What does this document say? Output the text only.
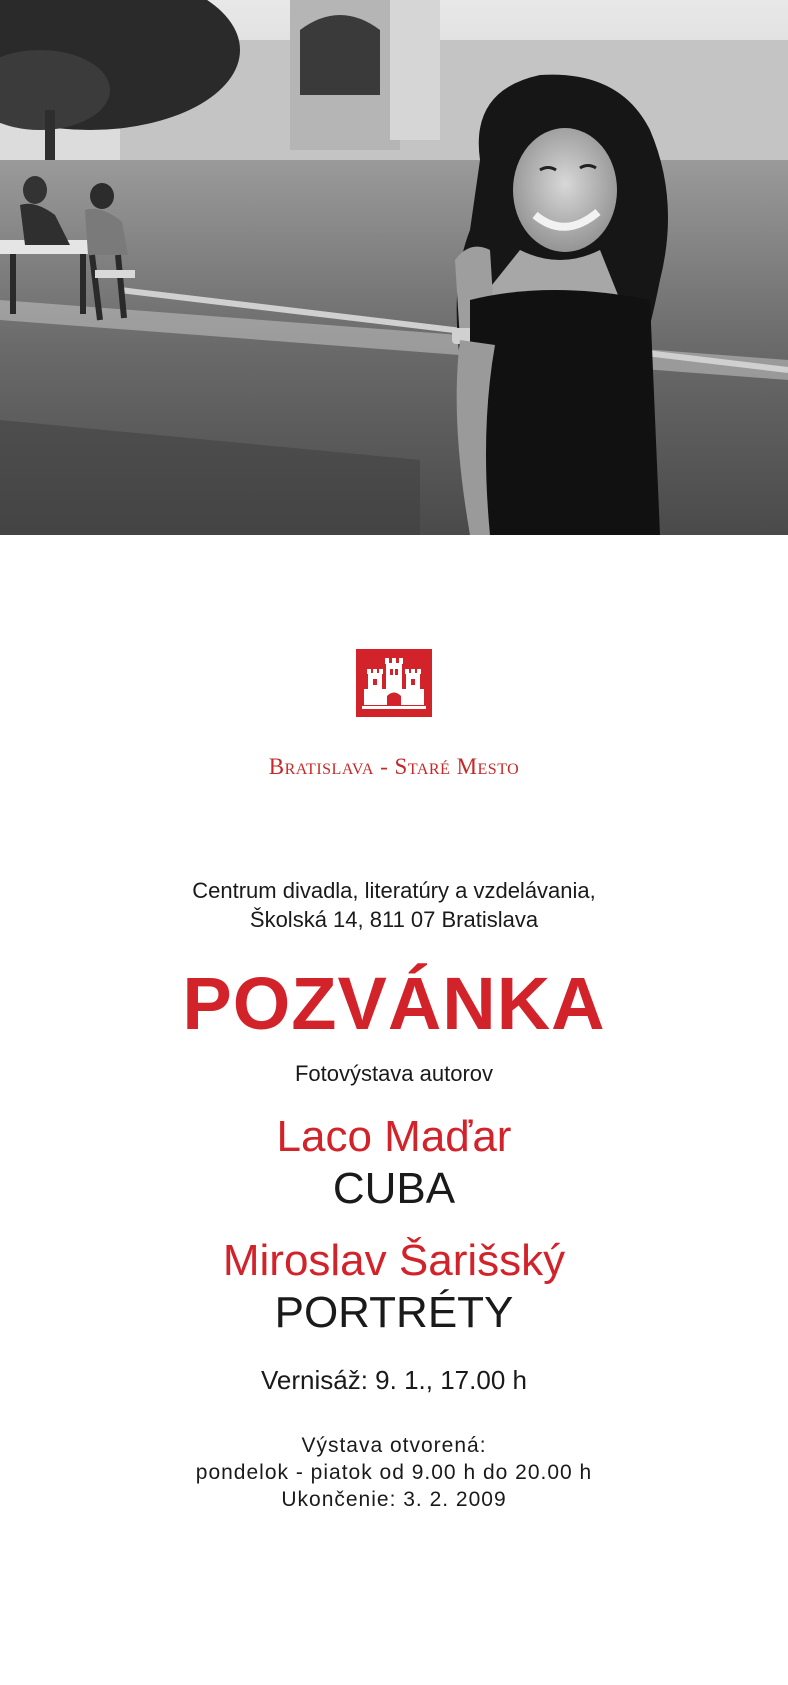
Bratislava - Staré Mesto

Centrum divadla, literatúry a vzdelávania,

Školská 14, 811 07 Bratislava

POZVÁNKA

Fotovýstava autorov

Laco Maďar

CUBA

Miroslav Šarišský

PORTRÉTY

Vernisáž: 9. 1., 17.00 h

Výstava otvorená:

pondelok - piatok od 9.00 h do 20.00 h

Ukončenie: 3. 2. 2009
